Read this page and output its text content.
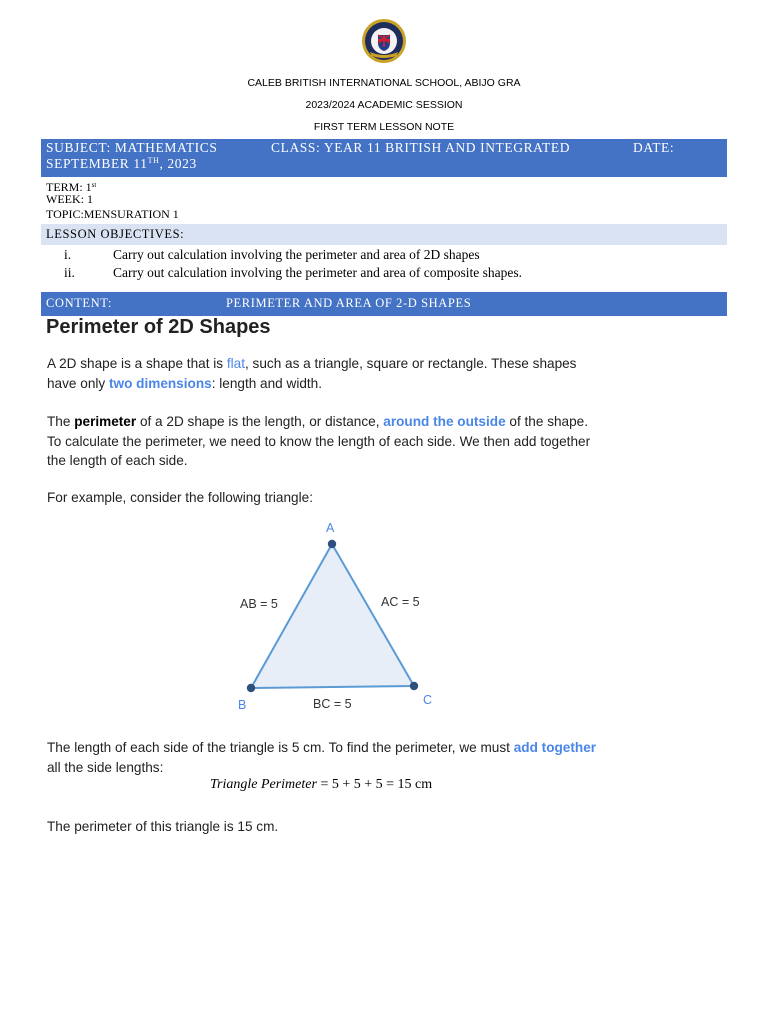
CALEB BRITISH INTERNATIONAL SCHOOL, ABIJO GRA
2023/2024 ACADEMIC SESSION
FIRST TERM LESSON NOTE
SUBJECT: MATHEMATICS	CLASS: YEAR 11 BRITISH AND INTEGRATED	DATE:
SEPTEMBER 11TH, 2023
TERM: 1st
WEEK: 1
TOPIC:MENSURATION 1
LESSON OBJECTIVES:
i.	Carry out calculation involving the perimeter and area of 2D shapes
ii.	Carry out calculation involving the perimeter and area of composite shapes.
CONTENT:	PERIMETER AND AREA OF 2-D SHAPES
Perimeter of 2D Shapes
A 2D shape is a shape that is flat, such as a triangle, square or rectangle. These shapes
have only two dimensions: length and width.
The perimeter of a 2D shape is the length, or distance, around the outside of the shape.
To calculate the perimeter, we need to know the length of each side. We then add together
the length of each side.
For example, consider the following triangle:
A
B	C
AB = 5	AC = 5
BC = 5
The length of each side of the triangle is 5 cm. To find the perimeter, we must add together
all the side lengths:
Triangle Perimeter = 5 + 5 + 5 = 15 cm
The perimeter of this triangle is 15 cm.
